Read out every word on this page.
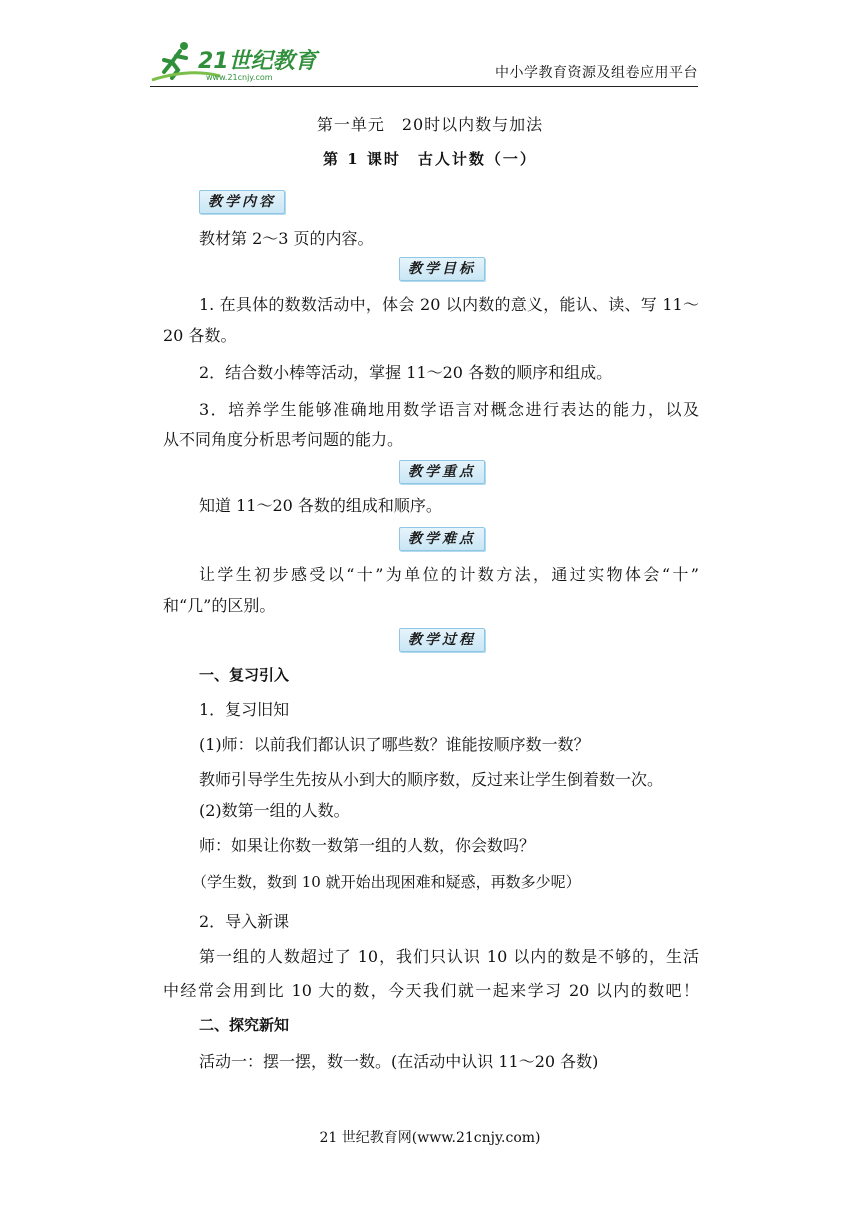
21世纪教育
www.21cnjy.com	中小学教育资源及组卷应用平台
第一单元　20时以内数与加法
第 1 课时　古人计数（一）
教学内容
教材第 2～3 页的内容。
教学目标
1. 在具体的数数活动中，体会 20 以内数的意义，能认、读、写 11～
20 各数。
2．结合数小棒等活动，掌握 11～20 各数的顺序和组成。
3．培养学生能够准确地用数学语言对概念进行表达的能力，以及
从不同角度分析思考问题的能力。
教学重点
知道 11～20 各数的组成和顺序。
教学难点
让学生初步感受以“十”为单位的计数方法，通过实物体会“十”
和“几”的区别。
教学过程
一、复习引入
1．复习旧知
(1)师：以前我们都认识了哪些数？谁能按顺序数一数？
教师引导学生先按从小到大的顺序数，反过来让学生倒着数一次。
(2)数第一组的人数。
师：如果让你数一数第一组的人数，你会数吗？
（学生数，数到 10 就开始出现困难和疑惑，再数多少呢）
2．导入新课
第一组的人数超过了 10，我们只认识 10 以内的数是不够的，生活
中经常会用到比 10 大的数，今天我们就一起来学习 20 以内的数吧！
二、探究新知
活动一：摆一摆，数一数。(在活动中认识 11～20 各数)
21 世纪教育网(www.21cnjy.com)
